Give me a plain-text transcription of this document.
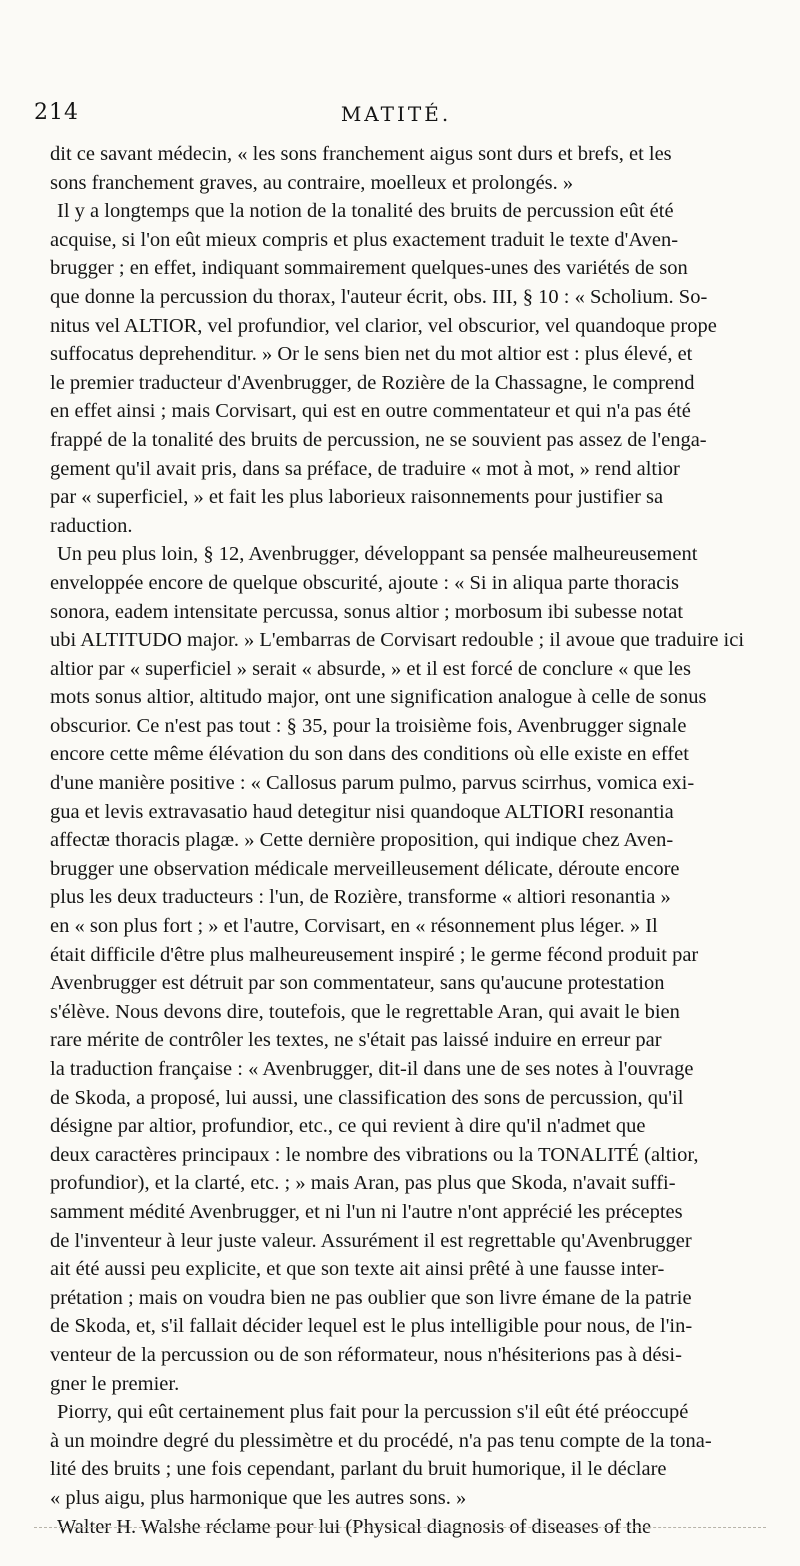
214	MATITÉ.
dit ce savant médecin, « les sons franchement aigus sont durs et brefs, et les
sons franchement graves, au contraire, moelleux et prolongés. »
Il y a longtemps que la notion de la tonalité des bruits de percussion eût été
acquise, si l'on eût mieux compris et plus exactement traduit le texte d'Aven-
brugger ; en effet, indiquant sommairement quelques-unes des variétés de son
que donne la percussion du thorax, l'auteur écrit, obs. III, § 10 : « Scholium. So-
nitus vel ALTIOR, vel profundior, vel clarior, vel obscurior, vel quandoque prope
suffocatus deprehenditur. » Or le sens bien net du mot altior est : plus élevé, et
le premier traducteur d'Avenbrugger, de Rozière de la Chassagne, le comprend
en effet ainsi ; mais Corvisart, qui est en outre commentateur et qui n'a pas été
frappé de la tonalité des bruits de percussion, ne se souvient pas assez de l'enga-
gement qu'il avait pris, dans sa préface, de traduire « mot à mot, » rend altior
par « superficiel, » et fait les plus laborieux raisonnements pour justifier sa
raduction.
Un peu plus loin, § 12, Avenbrugger, développant sa pensée malheureusement
enveloppée encore de quelque obscurité, ajoute : « Si in aliqua parte thoracis
sonora, eadem intensitate percussa, sonus altior ; morbosum ibi subesse notat
ubi ALTITUDO major. » L'embarras de Corvisart redouble ; il avoue que traduire ici
altior par « superficiel » serait « absurde, » et il est forcé de conclure « que les
mots sonus altior, altitudo major, ont une signification analogue à celle de sonus
obscurior. Ce n'est pas tout : § 35, pour la troisième fois, Avenbrugger signale
encore cette même élévation du son dans des conditions où elle existe en effet
d'une manière positive : « Callosus parum pulmo, parvus scirrhus, vomica exi-
gua et levis extravasatio haud detegitur nisi quandoque ALTIORI resonantia
affectæ thoracis plagæ. » Cette dernière proposition, qui indique chez Aven-
brugger une observation médicale merveilleusement délicate, déroute encore
plus les deux traducteurs : l'un, de Rozière, transforme « altiori resonantia »
en « son plus fort ; » et l'autre, Corvisart, en « résonnement plus léger. » Il
était difficile d'être plus malheureusement inspiré ; le germe fécond produit par
Avenbrugger est détruit par son commentateur, sans qu'aucune protestation
s'élève. Nous devons dire, toutefois, que le regrettable Aran, qui avait le bien
rare mérite de contrôler les textes, ne s'était pas laissé induire en erreur par
la traduction française : « Avenbrugger, dit-il dans une de ses notes à l'ouvrage
de Skoda, a proposé, lui aussi, une classification des sons de percussion, qu'il
désigne par altior, profundior, etc., ce qui revient à dire qu'il n'admet que
deux caractères principaux : le nombre des vibrations ou la TONALITÉ (altior,
profundior), et la clarté, etc. ; » mais Aran, pas plus que Skoda, n'avait suffi-
samment médité Avenbrugger, et ni l'un ni l'autre n'ont apprécié les préceptes
de l'inventeur à leur juste valeur. Assurément il est regrettable qu'Avenbrugger
ait été aussi peu explicite, et que son texte ait ainsi prêté à une fausse inter-
prétation ; mais on voudra bien ne pas oublier que son livre émane de la patrie
de Skoda, et, s'il fallait décider lequel est le plus intelligible pour nous, de l'in-
venteur de la percussion ou de son réformateur, nous n'hésiterions pas à dési-
gner le premier.
Piorry, qui eût certainement plus fait pour la percussion s'il eût été préoccupé
à un moindre degré du plessimètre et du procédé, n'a pas tenu compte de la tona-
lité des bruits ; une fois cependant, parlant du bruit humorique, il le déclare
« plus aigu, plus harmonique que les autres sons. »
Walter H. Walshe réclame pour lui (Physical diagnosis of diseases of the
